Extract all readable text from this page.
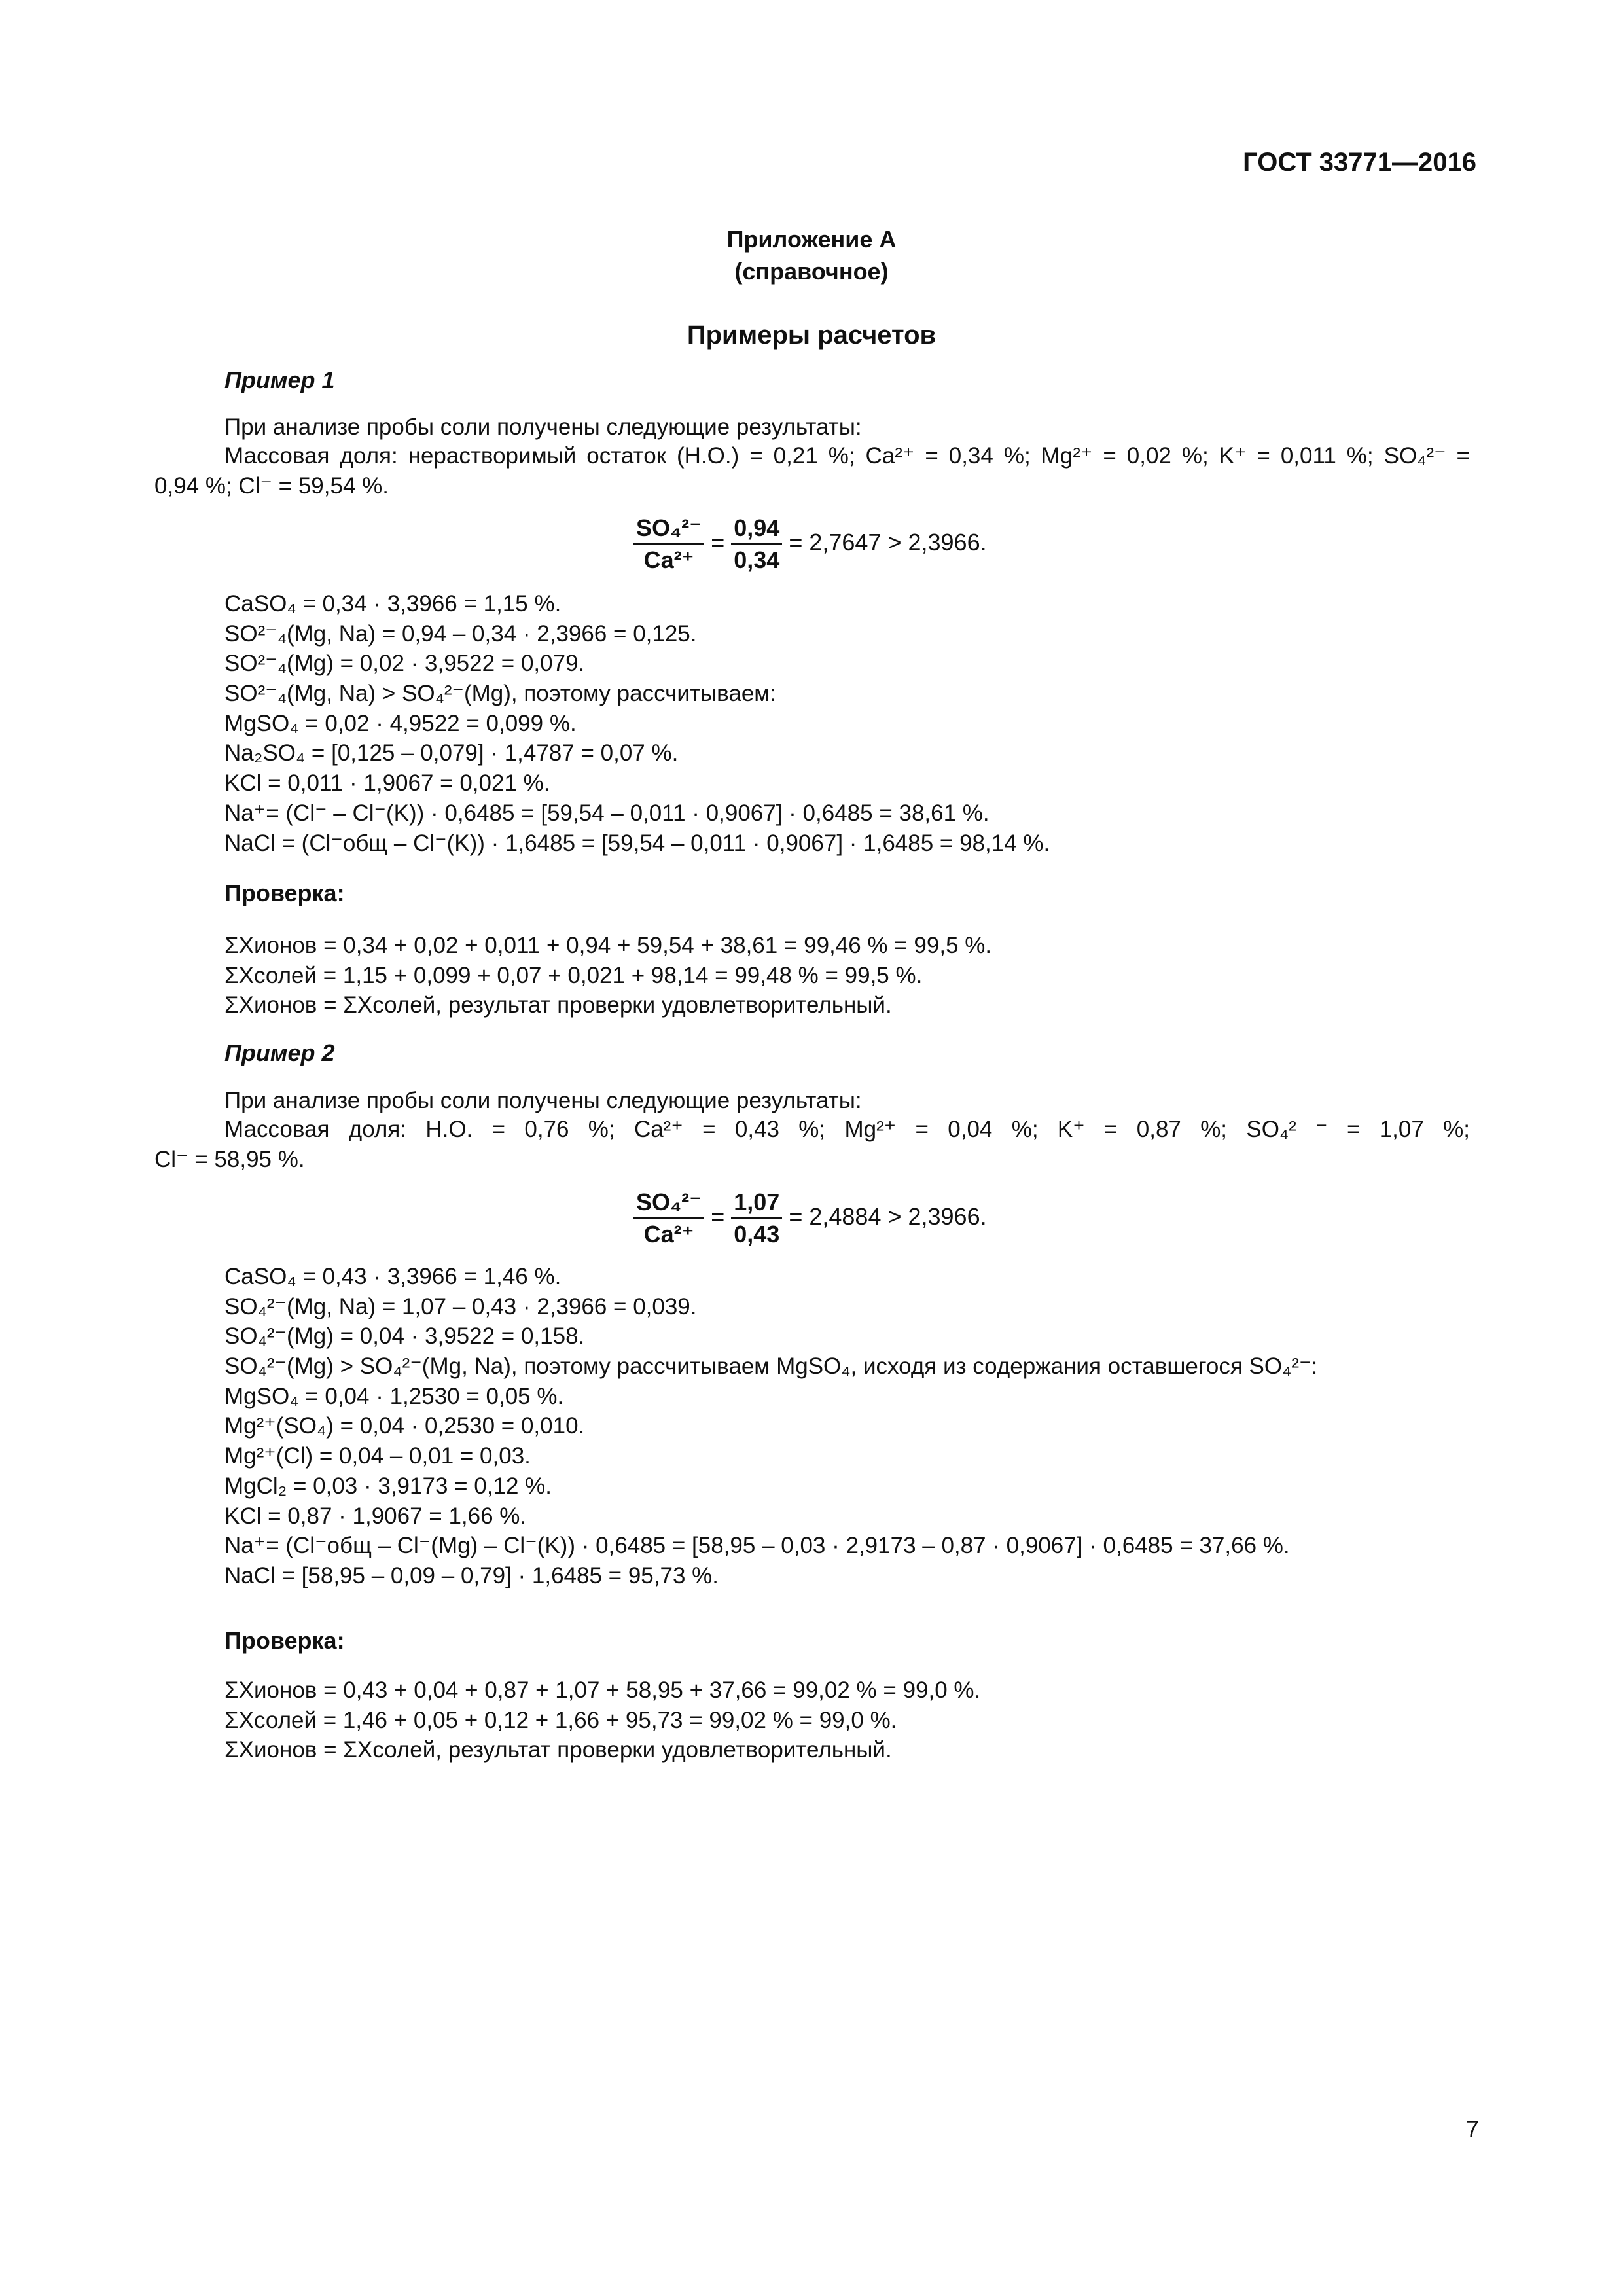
ГОСТ 33771—2016
Приложение А
(справочное)
Примеры расчетов
Пример 1
При анализе пробы соли получены следующие результаты:

Массовая доля: нерастворимый остаток (Н.О.) = 0,21 %; Ca²⁺ = 0,34 %; Mg²⁺ = 0,02 %; K⁺ = 0,011 %; SO₄²⁻ =

0,94 %; Cl⁻ = 59,54 %.

$\frac{\text{SO₄²⁻}}{\text{Ca²⁺}} = \frac{0,94}{0,34} = 2,7647 > 2,3966$.
CaSO₄ = 0,34 · 3,3966 = 1,15 %.
SO²⁻₄(Mg, Na) = 0,94 – 0,34 · 2,3966 = 0,125.
SO²⁻₄(Mg) = 0,02 · 3,9522 = 0,079.
SO²⁻₄(Mg, Na) > SO₄²⁻(Mg), поэтому рассчитываем:
MgSO₄ = 0,02 · 4,9522 = 0,099 %.
Na₂SO₄ = [0,125 – 0,079] · 1,4787 = 0,07 %.
KCl = 0,011 · 1,9067 = 0,021 %.
Na⁺= (Cl⁻ – Cl⁻(K)) · 0,6485 = [59,54 – 0,011 · 0,9067] · 0,6485 = 38,61 %.
NaCl = (Cl⁻общ – Cl⁻(K)) · 1,6485 = [59,54 – 0,011 · 0,9067] · 1,6485 = 98,14 %.
Проверка:
ΣXионов = 0,34 + 0,02 + 0,011 + 0,94 + 59,54 + 38,61 = 99,46 % = 99,5 %.
ΣXсолей = 1,15 + 0,099 + 0,07 + 0,021 + 98,14 = 99,48 % = 99,5 %.
ΣXионов = ΣXсолей, результат проверки удовлетворительный.
Пример 2
При анализе пробы соли получены следующие результаты:

Массовая доля: Н.О. = 0,76 %; Ca²⁺ = 0,43 %; Mg²⁺ = 0,04 %; K⁺ = 0,87 %; SO₄² ⁻ = 1,07 %;

Cl⁻ = 58,95 %.

$\frac{\text{SO₄²⁻}}{\text{Ca²⁺}} = \frac{1,07}{0,43} = 2,4884 > 2,3966$.
CaSO₄ = 0,43 · 3,3966 = 1,46 %.
SO₄²⁻(Mg, Na) = 1,07 – 0,43 · 2,3966 = 0,039.
SO₄²⁻(Mg) = 0,04 · 3,9522 = 0,158.
SO₄²⁻(Mg) > SO₄²⁻(Mg, Na), поэтому рассчитываем MgSO₄, исходя из содержания оставшегося SO₄²⁻:
MgSO₄ = 0,04 · 1,2530 = 0,05 %.
Mg²⁺(SO₄) = 0,04 · 0,2530 = 0,010.
Mg²⁺(Cl) = 0,04 – 0,01 = 0,03.
MgCl₂ = 0,03 · 3,9173 = 0,12 %.
KCl = 0,87 · 1,9067 = 1,66 %.
Na⁺= (Cl⁻общ – Cl⁻(Mg) – Cl⁻(K)) · 0,6485 = [58,95 – 0,03 · 2,9173 – 0,87 · 0,9067] · 0,6485 = 37,66 %.
NaCl = [58,95 – 0,09 – 0,79] · 1,6485 = 95,73 %.
Проверка:
ΣXионов = 0,43 + 0,04 + 0,87 + 1,07 + 58,95 + 37,66 = 99,02 % = 99,0 %.
ΣXсолей = 1,46 + 0,05 + 0,12 + 1,66 + 95,73 = 99,02 % = 99,0 %.
ΣXионов = ΣXсолей, результат проверки удовлетворительный.
7
